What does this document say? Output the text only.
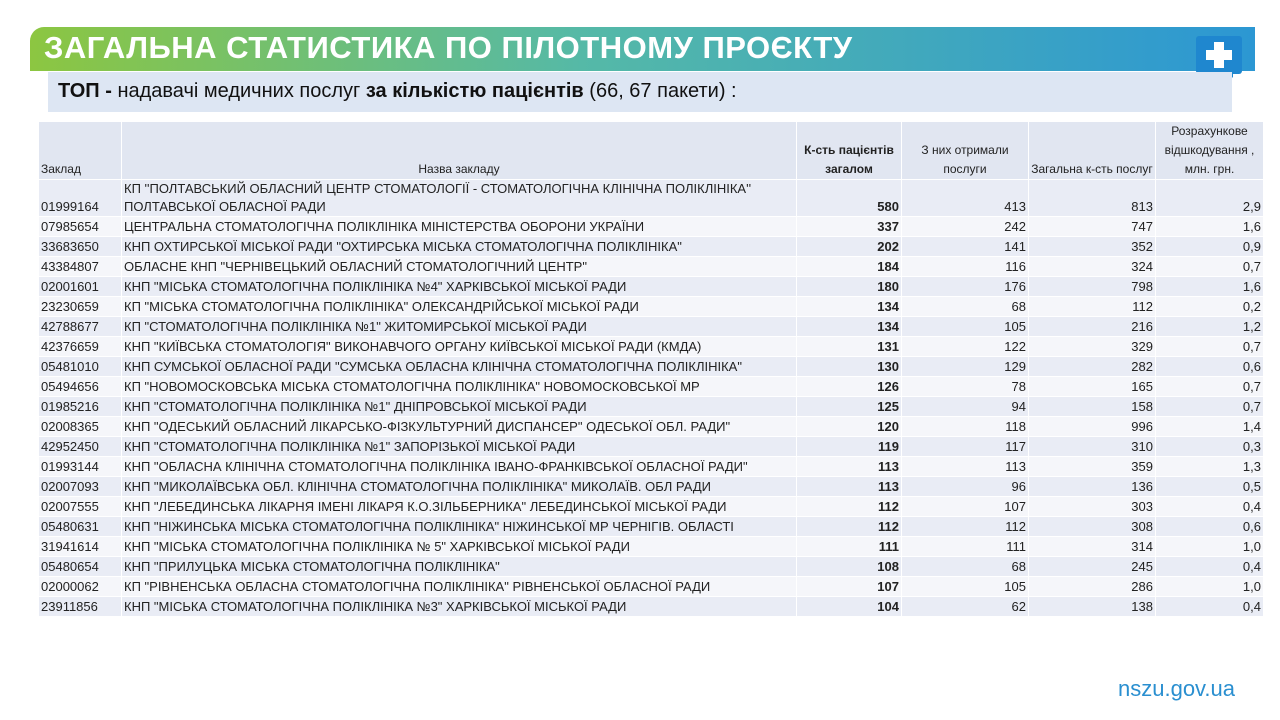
ЗАГАЛЬНА СТАТИСТИКА ПО ПІЛОТНОМУ ПРОЄКТУ
ТОП - надавачі медичних послуг за кількістю пацієнтів (66, 67 пакети) :
Заклад	Назва закладу	К-сть пацієнтів загалом	З них отримали послуги	Загальна к-сть послуг	Розрахункове відшкодування , млн. грн.
01999164	КП ''ПОЛТАВСЬКИЙ ОБЛАСНИЙ ЦЕНТР СТОМАТОЛОГІЇ - СТОМАТОЛОГІЧНА КЛІНІЧНА ПОЛІКЛІНІКА'' ПОЛТАВСЬКОЇ ОБЛАСНОЇ РАДИ	580	413	813	2,9
07985654	ЦЕНТРАЛЬНА СТОМАТОЛОГІЧНА ПОЛІКЛІНІКА МІНІСТЕРСТВА ОБОРОНИ УКРАЇНИ	337	242	747	1,6
33683650	КНП ОХТИРСЬКОЇ МІСЬКОЇ РАДИ "ОХТИРСЬКА МІСЬКА СТОМАТОЛОГІЧНА ПОЛІКЛІНІКА"	202	141	352	0,9
43384807	ОБЛАСНЕ КНП "ЧЕРНІВЕЦЬКИЙ ОБЛАСНИЙ СТОМАТОЛОГІЧНИЙ ЦЕНТР"	184	116	324	0,7
02001601	КНП "МІСЬКА СТОМАТОЛОГІЧНА ПОЛІКЛІНІКА №4" ХАРКІВСЬКОЇ МІСЬКОЇ РАДИ	180	176	798	1,6
23230659	КП "МІСЬКА СТОМАТОЛОГІЧНА ПОЛІКЛІНІКА" ОЛЕКСАНДРІЙСЬКОЇ МІСЬКОЇ РАДИ	134	68	112	0,2
42788677	КП "СТОМАТОЛОГІЧНА ПОЛІКЛІНІКА №1" ЖИТОМИРСЬКОЇ МІСЬКОЇ РАДИ	134	105	216	1,2
42376659	КНП "КИЇВСЬКА СТОМАТОЛОГІЯ" ВИКОНАВЧОГО ОРГАНУ КИЇВСЬКОЇ МІСЬКОЇ РАДИ (КМДА)	131	122	329	0,7
05481010	КНП СУМСЬКОЇ ОБЛАСНОЇ РАДИ "СУМСЬКА ОБЛАСНА КЛІНІЧНА СТОМАТОЛОГІЧНА ПОЛІКЛІНІКА"	130	129	282	0,6
05494656	КП "НОВОМОСКОВСЬКА МІСЬКА СТОМАТОЛОГІЧНА ПОЛІКЛІНІКА" НОВОМОСКОВСЬКОЇ МР	126	78	165	0,7
01985216	КНП "СТОМАТОЛОГІЧНА ПОЛІКЛІНІКА №1" ДНІПРОВСЬКОЇ МІСЬКОЇ РАДИ	125	94	158	0,7
02008365	КНП "ОДЕСЬКИЙ ОБЛАСНИЙ ЛІКАРСЬКО-ФІЗКУЛЬТУРНИЙ ДИСПАНСЕР" ОДЕСЬКОЇ ОБЛ. РАДИ"	120	118	996	1,4
42952450	КНП "СТОМАТОЛОГІЧНА ПОЛІКЛІНІКА №1" ЗАПОРІЗЬКОЇ МІСЬКОЇ РАДИ	119	117	310	0,3
01993144	КНП "ОБЛАСНА КЛІНІЧНА СТОМАТОЛОГІЧНА ПОЛІКЛІНІКА ІВАНО-ФРАНКІВСЬКОЇ ОБЛАСНОЇ РАДИ"	113	113	359	1,3
02007093	КНП "МИКОЛАЇВСЬКА ОБЛ. КЛІНІЧНА СТОМАТОЛОГІЧНА ПОЛІКЛІНІКА" МИКОЛАЇВ. ОБЛ РАДИ	113	96	136	0,5
02007555	КНП "ЛЕБЕДИНСЬКА ЛІКАРНЯ ІМЕНІ ЛІКАРЯ К.О.ЗІЛЬБЕРНИКА" ЛЕБЕДИНСЬКОЇ МІСЬКОЇ РАДИ	112	107	303	0,4
05480631	КНП "НІЖИНСЬКА МІСЬКА СТОМАТОЛОГІЧНА ПОЛІКЛІНІКА" НІЖИНСЬКОЇ МР ЧЕРНІГІВ. ОБЛАСТІ	112	112	308	0,6
31941614	КНП "МІСЬКА СТОМАТОЛОГІЧНА ПОЛІКЛІНІКА № 5" ХАРКІВСЬКОЇ МІСЬКОЇ РАДИ	111	111	314	1,0
05480654	КНП "ПРИЛУЦЬКА МІСЬКА СТОМАТОЛОГІЧНА ПОЛІКЛІНІКА"	108	68	245	0,4
02000062	КП "РІВНЕНСЬКА ОБЛАСНА СТОМАТОЛОГІЧНА ПОЛІКЛІНІКА" РІВНЕНСЬКОЇ ОБЛАСНОЇ РАДИ	107	105	286	1,0
23911856	КНП "МІСЬКА СТОМАТОЛОГІЧНА ПОЛІКЛІНІКА №3" ХАРКІВСЬКОЇ МІСЬКОЇ РАДИ	104	62	138	0,4
nszu.gov.ua
